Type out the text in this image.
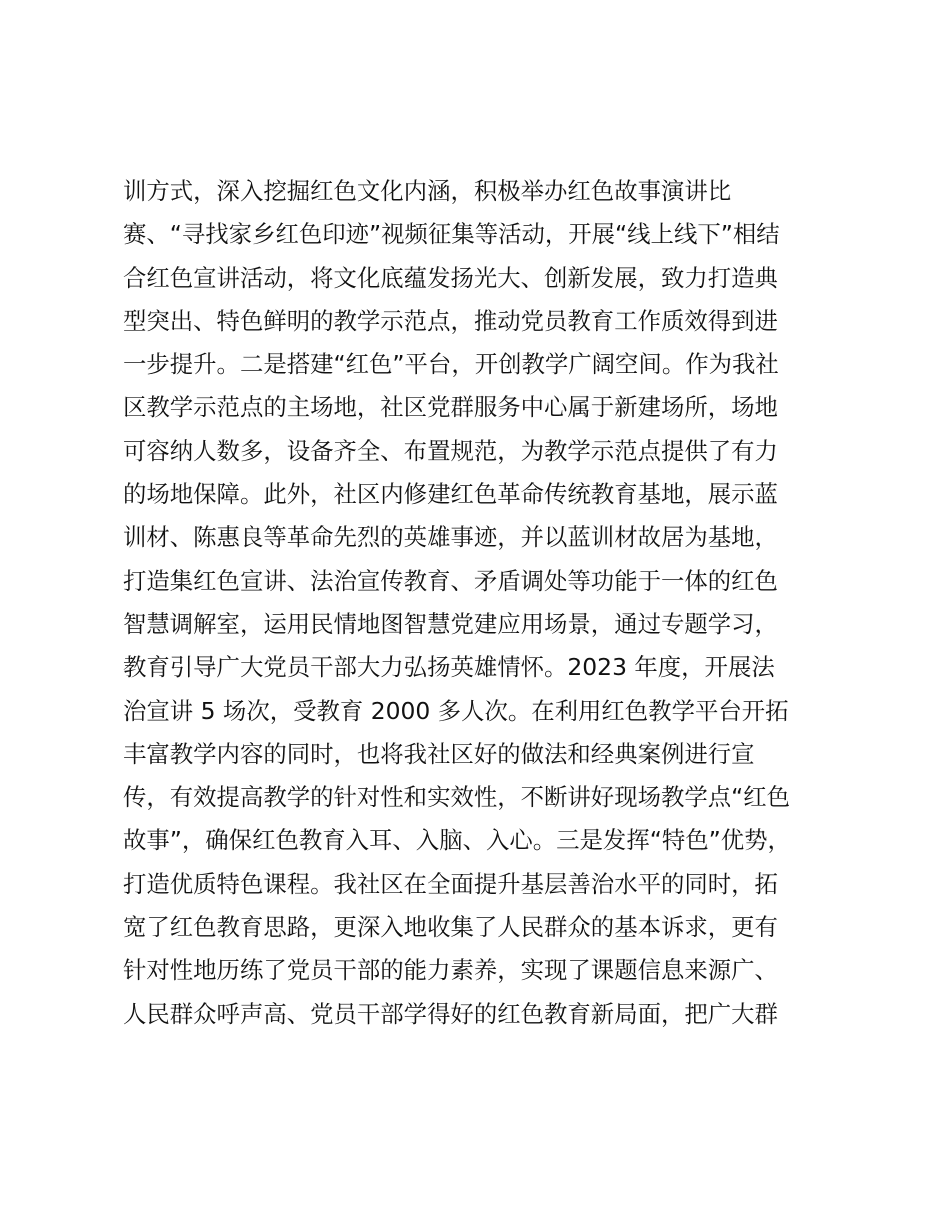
训方式，深入挖掘红色文化内涵，积极举办红色故事演讲比
赛、“寻找家乡红色印迹”视频征集等活动，开展“线上线下”相结
合红色宣讲活动，将文化底蕴发扬光大、创新发展，致力打造典
型突出、特色鲜明的教学示范点，推动党员教育工作质效得到进
一步提升。二是搭建“红色”平台，开创教学广阔空间。作为我社
区教学示范点的主场地，社区党群服务中心属于新建场所，场地
可容纳人数多，设备齐全、布置规范，为教学示范点提供了有力
的场地保障。此外，社区内修建红色革命传统教育基地，展示蓝
训材、陈惠良等革命先烈的英雄事迹，并以蓝训材故居为基地，
打造集红色宣讲、法治宣传教育、矛盾调处等功能于一体的红色
智慧调解室，运用民情地图智慧党建应用场景，通过专题学习，
教育引导广大党员干部大力弘扬英雄情怀。2023 年度，开展法
治宣讲 5 场次，受教育 2000 多人次。在利用红色教学平台开拓
丰富教学内容的同时，也将我社区好的做法和经典案例进行宣
传，有效提高教学的针对性和实效性，不断讲好现场教学点“红色
故事”，确保红色教育入耳、入脑、入心。三是发挥“特色”优势，
打造优质特色课程。我社区在全面提升基层善治水平的同时，拓
宽了红色教育思路，更深入地收集了人民群众的基本诉求，更有
针对性地历练了党员干部的能力素养，实现了课题信息来源广、
人民群众呼声高、党员干部学得好的红色教育新局面，把广大群
